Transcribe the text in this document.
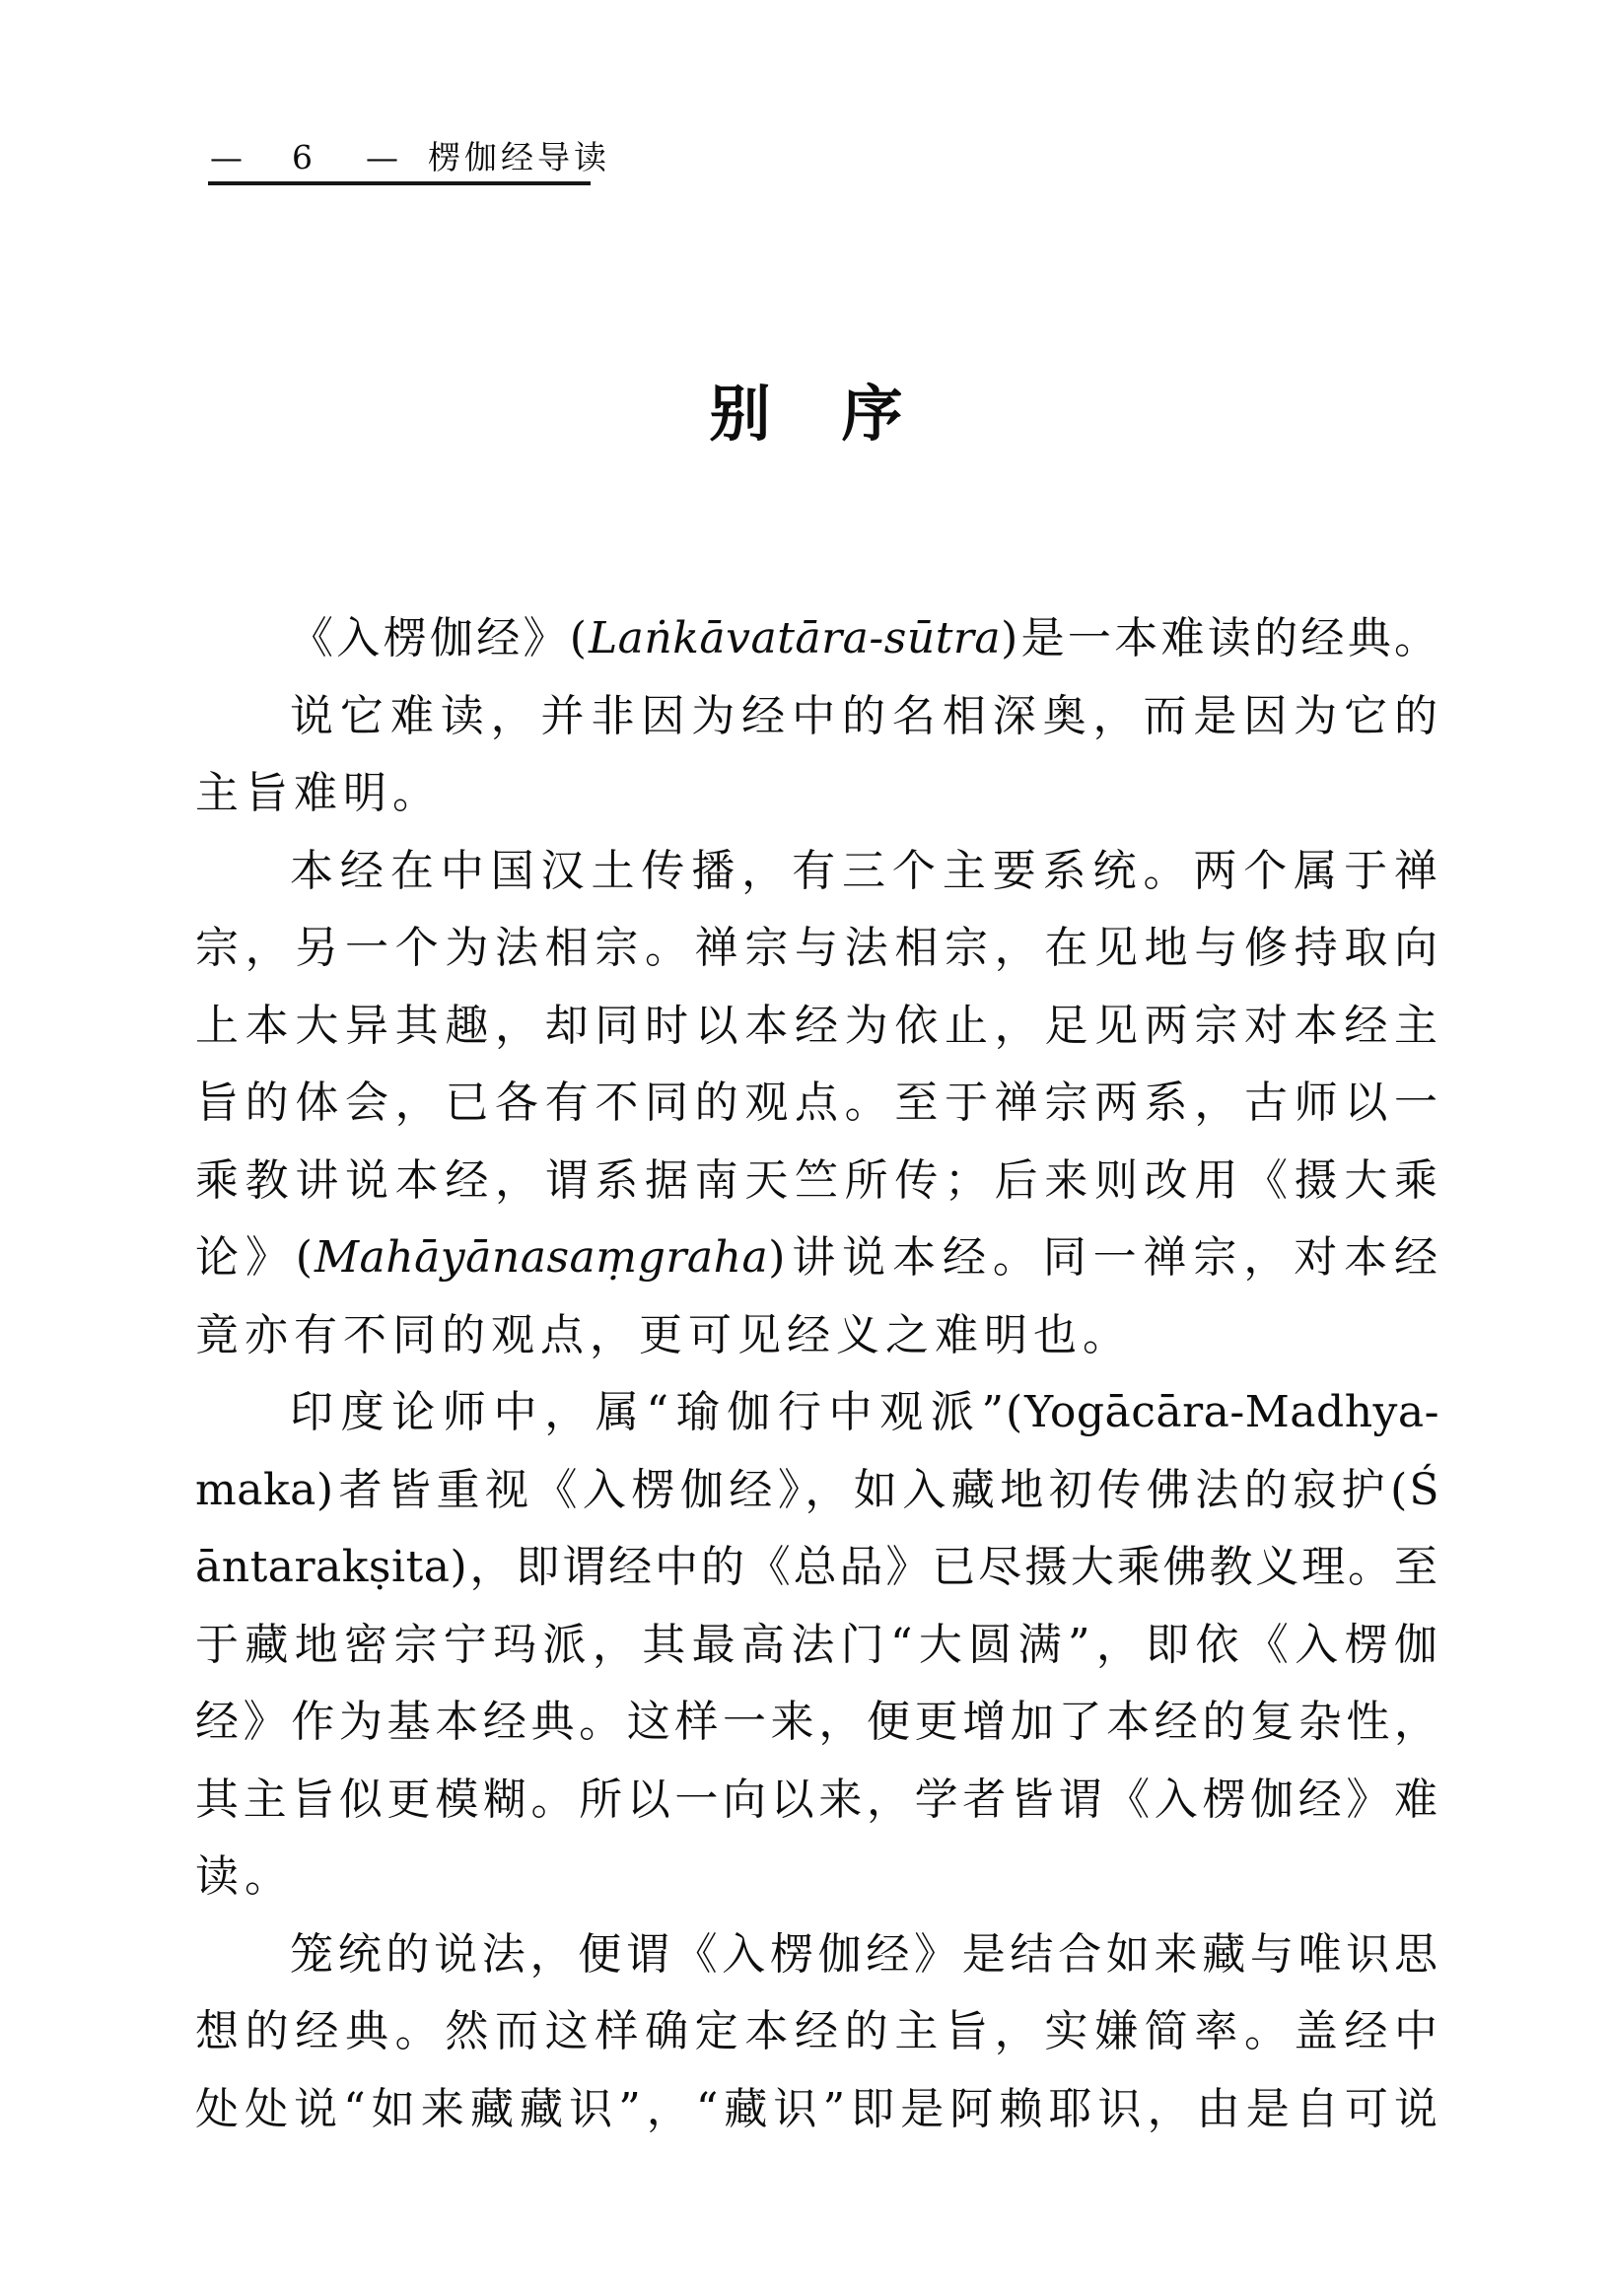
— 6 — 楞伽经导读
别 序
《入楞伽经》(Laṅkāvatāra-sūtra)是一本难读的经典。
说它难读，并非因为经中的名相深奥，而是因为它的
主旨难明。
本经在中国汉土传播，有三个主要系统。两个属于禅
宗，另一个为法相宗。禅宗与法相宗，在见地与修持取向
上本大异其趣，却同时以本经为依止，足见两宗对本经主
旨的体会，已各有不同的观点。至于禅宗两系，古师以一
乘教讲说本经，谓系据南天竺所传；后来则改用《摄大乘
论》(Mahāyānasaṃgraha)讲说本经。同一禅宗，对本经
竟亦有不同的观点，更可见经义之难明也。
印度论师中，属“瑜伽行中观派”(Yogācāra-Madhya-
maka)者皆重视《入楞伽经》，如入藏地初传佛法的寂护(Ś
āntarakṣita)，即谓经中的《总品》已尽摄大乘佛教义理。至
于藏地密宗宁玛派，其最高法门“大圆满”，即依《入楞伽
经》作为基本经典。这样一来，便更增加了本经的复杂性，
其主旨似更模糊。所以一向以来，学者皆谓《入楞伽经》难
读。
笼统的说法，便谓《入楞伽经》是结合如来藏与唯识思
想的经典。然而这样确定本经的主旨，实嫌简率。盖经中
处处说“如来藏藏识”，“藏识”即是阿赖耶识，由是自可说
